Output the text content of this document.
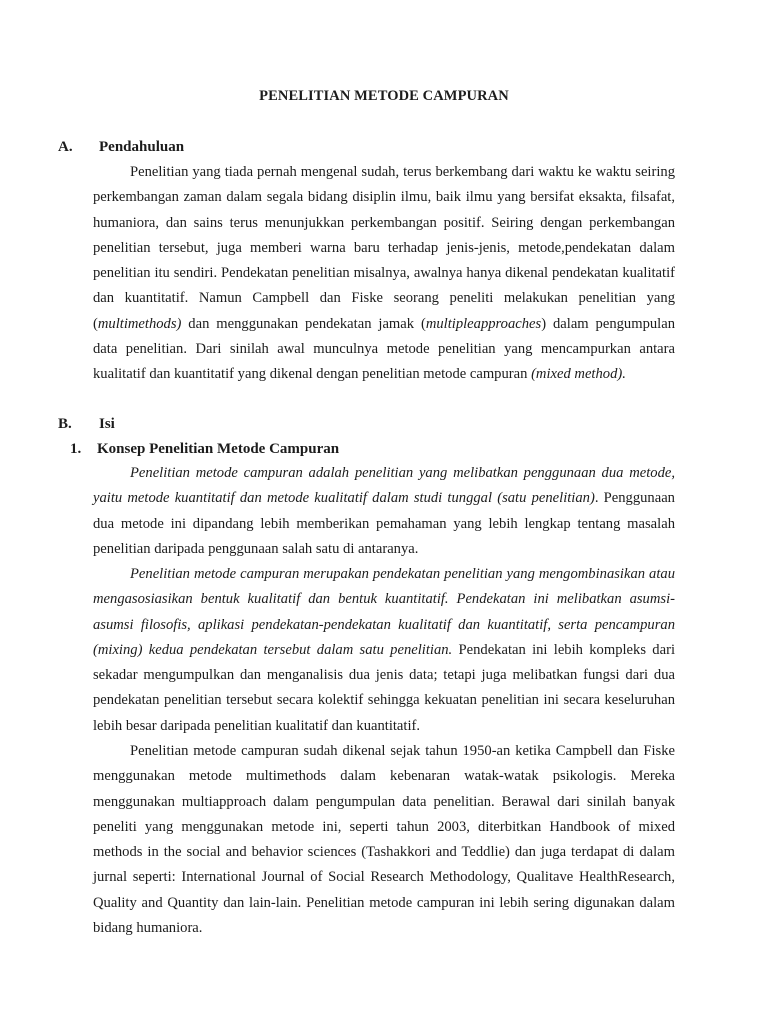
PENELITIAN METODE CAMPURAN
A. Pendahuluan

Penelitian yang tiada pernah mengenal sudah, terus berkembang dari waktu ke waktu seiring perkembangan zaman dalam segala bidang disiplin ilmu, baik ilmu yang bersifat eksakta, filsafat, humaniora, dan sains terus menunjukkan perkembangan positif. Seiring dengan perkembangan penelitian tersebut, juga memberi warna baru terhadap jenis-jenis, metode,pendekatan dalam penelitian itu sendiri. Pendekatan penelitian misalnya, awalnya hanya dikenal pendekatan kualitatif dan kuantitatif. Namun Campbell dan Fiske seorang peneliti melakukan penelitian yang (multimethods) dan menggunakan pendekatan jamak (multipleapproaches) dalam pengumpulan data penelitian. Dari sinilah awal munculnya metode penelitian yang mencampurkan antara kualitatif dan kuantitatif yang dikenal dengan penelitian metode campuran (mixed method).

B. Isi
1. Konsep Penelitian Metode Campuran

Penelitian metode campuran adalah penelitian yang melibatkan penggunaan dua metode, yaitu metode kuantitatif dan metode kualitatif dalam studi tunggal (satu penelitian). Penggunaan dua metode ini dipandang lebih memberikan pemahaman yang lebih lengkap tentang masalah penelitian daripada penggunaan salah satu di antaranya.

Penelitian metode campuran merupakan pendekatan penelitian yang mengombinasikan atau mengasosiasikan bentuk kualitatif dan bentuk kuantitatif. Pendekatan ini melibatkan asumsi-asumsi filosofis, aplikasi pendekatan-pendekatan kualitatif dan kuantitatif, serta pencampuran (mixing) kedua pendekatan tersebut dalam satu penelitian. Pendekatan ini lebih kompleks dari sekadar mengumpulkan dan menganalisis dua jenis data; tetapi juga melibatkan fungsi dari dua pendekatan penelitian tersebut secara kolektif sehingga kekuatan penelitian ini secara keseluruhan lebih besar daripada penelitian kualitatif dan kuantitatif.

Penelitian metode campuran sudah dikenal sejak tahun 1950-an ketika Campbell dan Fiske menggunakan metode multimethods dalam kebenaran watak-watak psikologis. Mereka menggunakan multiapproach dalam pengumpulan data penelitian. Berawal dari sinilah banyak peneliti yang menggunakan metode ini, seperti tahun 2003, diterbitkan Handbook of mixed methods in the social and behavior sciences (Tashakkori and Teddlie) dan juga terdapat di dalam jurnal seperti: International Journal of Social Research Methodology, Qualitave HealthResearch, Quality and Quantity dan lain-lain. Penelitian metode campuran ini lebih sering digunakan dalam bidang humaniora.
